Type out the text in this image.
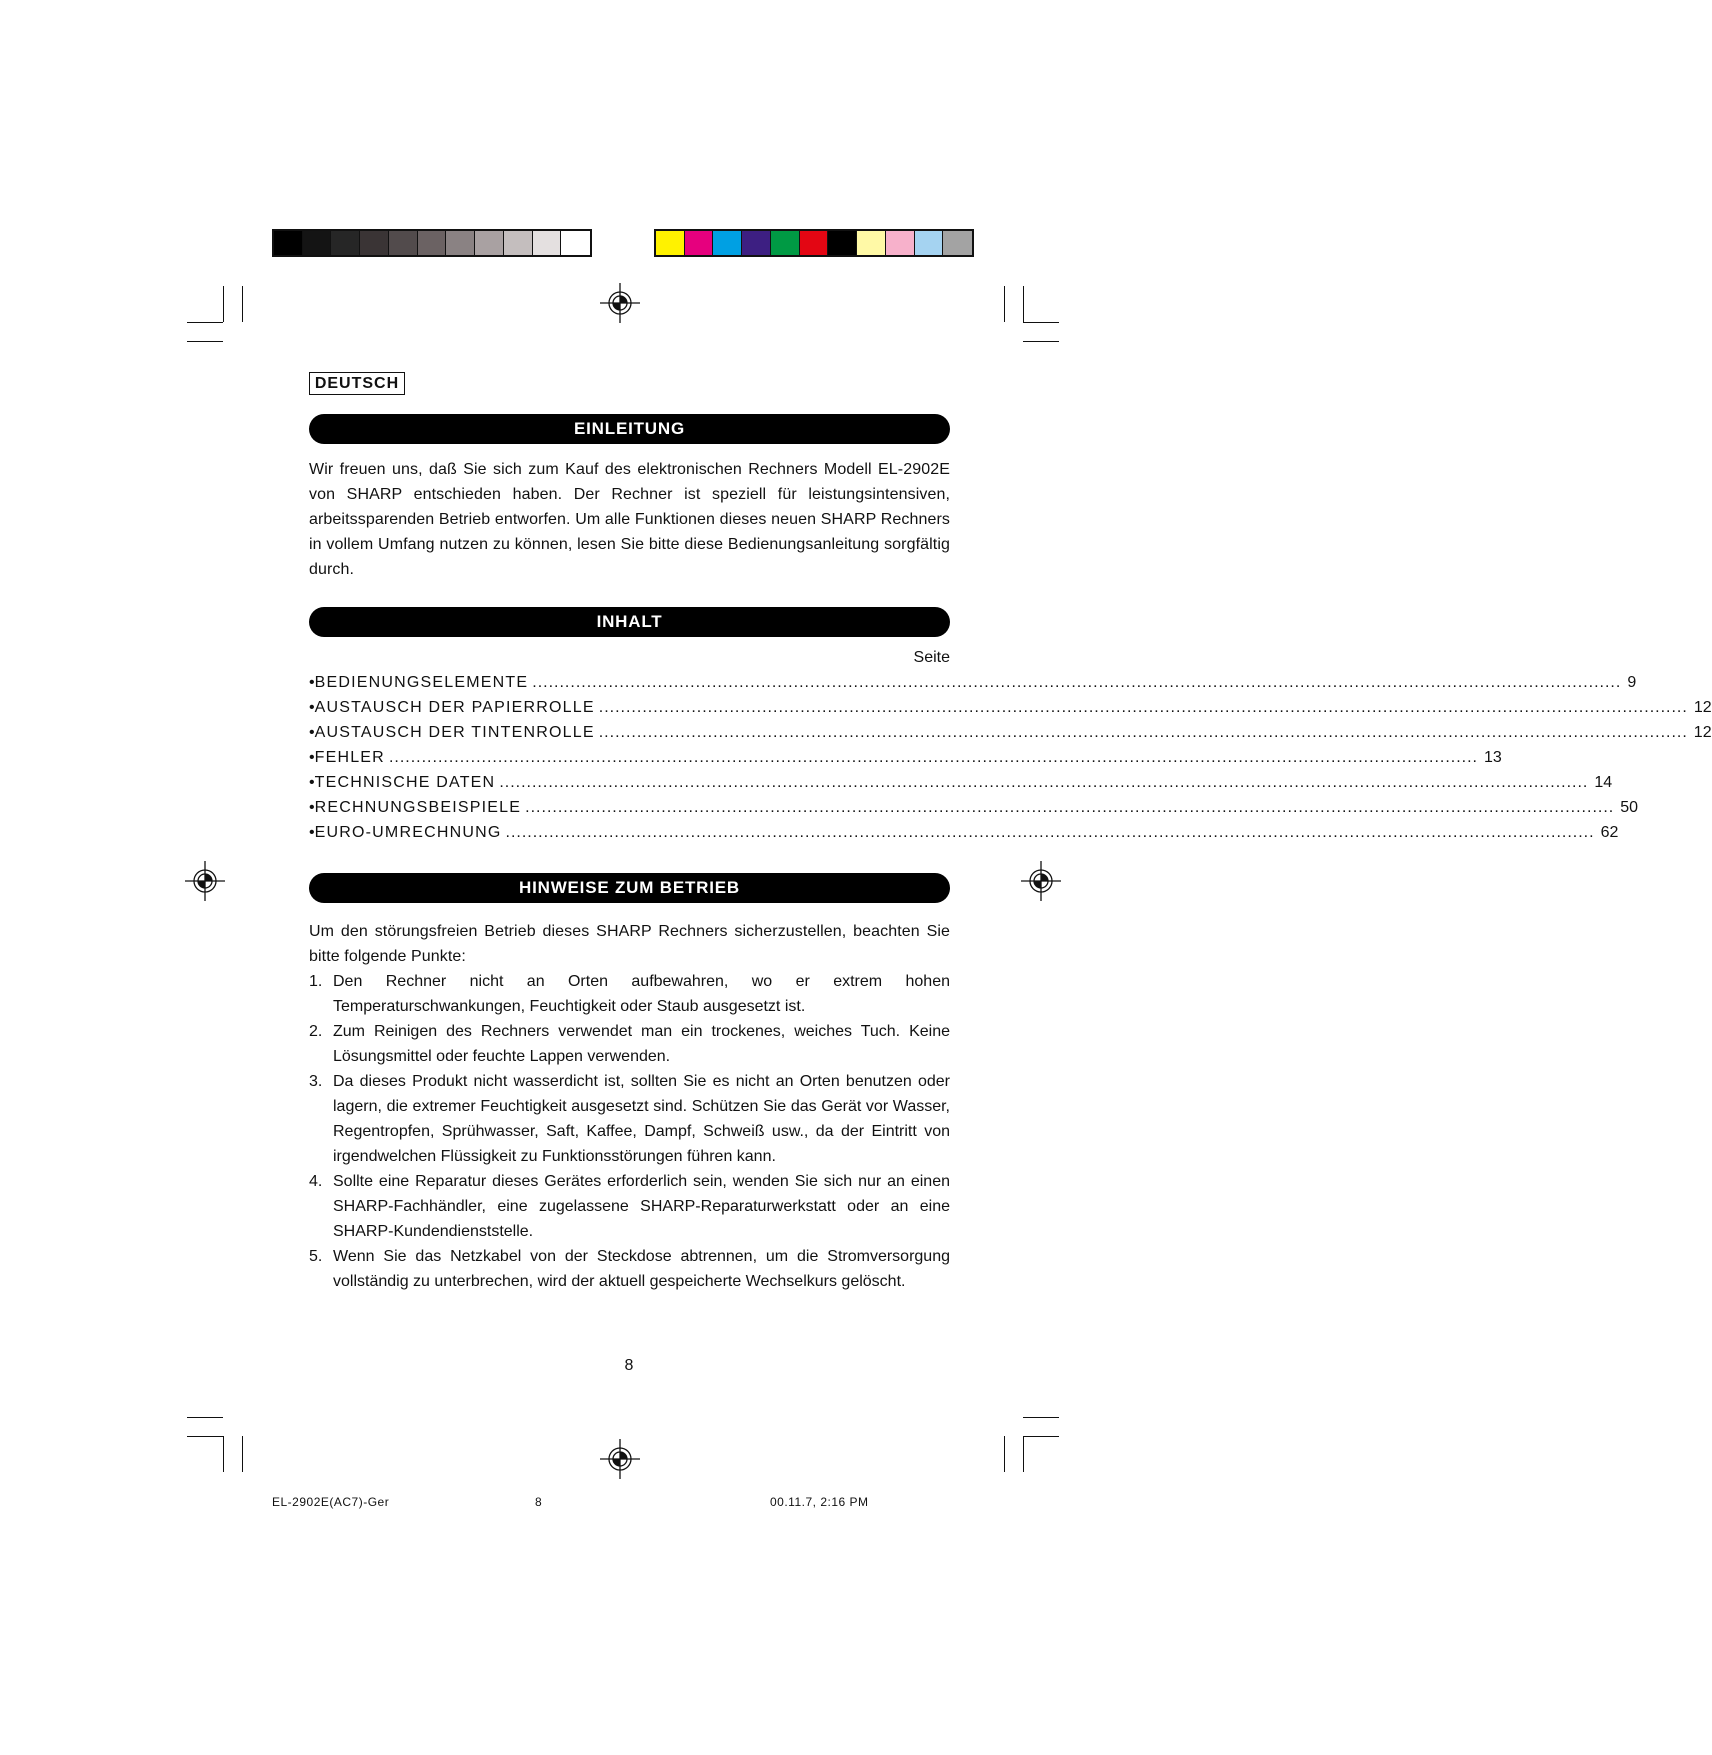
DEUTSCH
EINLEITUNG
Wir freuen uns, daß Sie sich zum Kauf des elektronischen Rechners Modell EL-2902E von SHARP entschieden haben. Der Rechner ist speziell für leistungsintensiven, arbeitssparenden Betrieb entworfen. Um alle Funktionen dieses neuen SHARP Rechners in vollem Umfang nutzen zu können, lesen Sie bitte diese Bedienungsanleitung sorgfältig durch.
INHALT
Seite
• BEDIENUNGSELEMENTE ........................................................................................................................................................................................................ 9
• AUSTAUSCH DER PAPIERROLLE ........................................................................................................................................................................................................ 12
• AUSTAUSCH DER TINTENROLLE ........................................................................................................................................................................................................ 12
• FEHLER ........................................................................................................................................................................................................ 13
• TECHNISCHE DATEN ........................................................................................................................................................................................................ 14
• RECHNUNGSBEISPIELE ........................................................................................................................................................................................................ 50
• EURO-UMRECHNUNG ........................................................................................................................................................................................................ 62
HINWEISE ZUM BETRIEB
Um den störungsfreien Betrieb dieses SHARP Rechners sicherzustellen, beachten Sie bitte folgende Punkte:
1. Den Rechner nicht an Orten aufbewahren, wo er extrem hohen Temperaturschwankungen, Feuchtigkeit oder Staub ausgesetzt ist.
2. Zum Reinigen des Rechners verwendet man ein trockenes, weiches Tuch. Keine Lösungsmittel oder feuchte Lappen verwenden.
3. Da dieses Produkt nicht wasserdicht ist, sollten Sie es nicht an Orten benutzen oder lagern, die extremer Feuchtigkeit ausgesetzt sind. Schützen Sie das Gerät vor Wasser, Regentropfen, Sprühwasser, Saft, Kaffee, Dampf, Schweiß usw., da der Eintritt von irgendwelchen Flüssigkeit zu Funktionsstörungen führen kann.
4. Sollte eine Reparatur dieses Gerätes erforderlich sein, wenden Sie sich nur an einen SHARP-Fachhändler, eine zugelassene SHARP-Reparaturwerkstatt oder an eine SHARP-Kundendienststelle.
5. Wenn Sie das Netzkabel von der Steckdose abtrennen, um die Stromversorgung vollständig zu unterbrechen, wird der aktuell gespeicherte Wechselkurs gelöscht.
8
EL-2902E(AC7)-Ger	8	00.11.7, 2:16 PM
